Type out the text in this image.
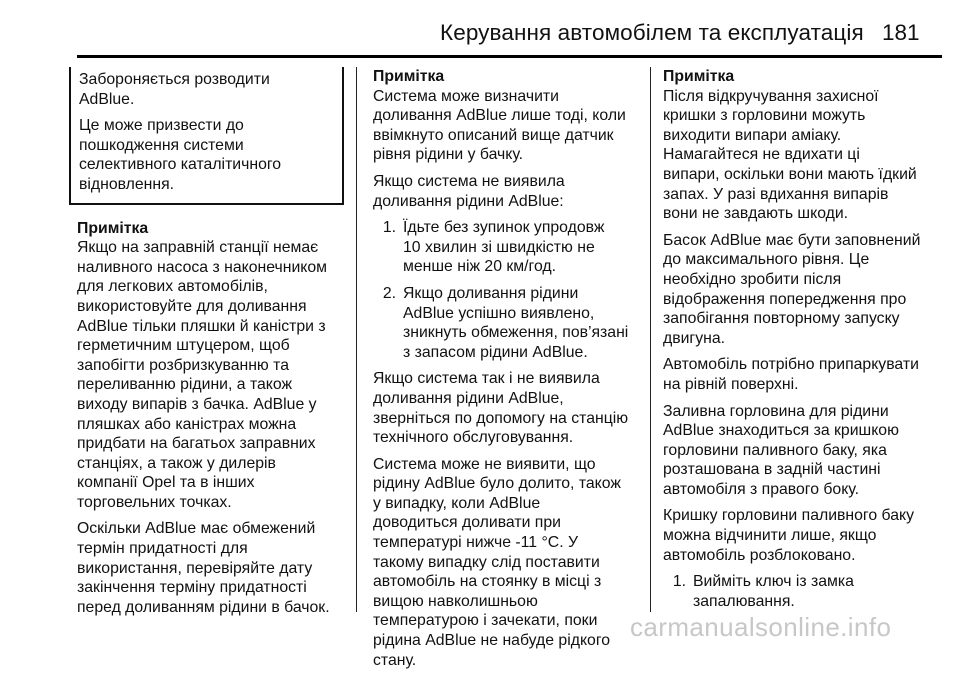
Керування автомобілем та експлуатація 181

Забороняється розводити
AdBlue.

Це може призвести до
пошкодження системи
селективного каталітичного
відновлення.

Примітка

Якщо на заправній станції немає
наливного насоса з наконечником
для легкових автомобілів,
використовуйте для доливання
AdBlue тільки пляшки й каністри з
герметичним штуцером, щоб
запобігти розбризкуванню та
переливанню рідини, а також
виходу випарів з бачка. AdBlue у
пляшках або каністрах можна
придбати на багатьох заправних
станціях, а також у дилерів
компанії Opel та в інших
торговельних точках.

Оскільки AdBlue має обмежений
термін придатності для
використання, перевіряйте дату
закінчення терміну придатності
перед доливанням рідини в бачок.

Примітка

Система може визначити
доливання AdBlue лише тоді, коли
ввімкнуто описаний вище датчик
рівня рідини у бачку.

Якщо система не виявила
доливання рідини AdBlue:

1. Їдьте без зупинок упродовж
10 хвилин зі швидкістю не
менше ніж 20 км/год.
2. Якщо доливання рідини
AdBlue успішно виявлено,
зникнуть обмеження, пов’язані
з запасом рідини AdBlue.

Якщо система так і не виявила
доливання рідини AdBlue,
зверніться по допомогу на станцію
технічного обслуговування.

Система може не виявити, що
рідину AdBlue було долито, також
у випадку, коли AdBlue
доводиться доливати при
температурі нижче -11 °C. У
такому випадку слід поставити
автомобіль на стоянку в місці з
вищою навколишньою
температурою і зачекати, поки
рідина AdBlue не набуде рідкого
стану.

Примітка

Після відкручування захисної
кришки з горловини можуть
виходити випари аміаку.
Намагайтеся не вдихати ці
випари, оскільки вони мають їдкий
запах. У разі вдихання випарів
вони не завдають шкоди.

Басок AdBlue має бути заповнений
до максимального рівня. Це
необхідно зробити після
відображення попередження про
запобігання повторному запуску
двигуна.

Автомобіль потрібно припаркувати
на рівній поверхні.

Заливна горловина для рідини
AdBlue знаходиться за кришкою
горловини паливного баку, яка
розташована в задній частині
автомобіля з правого боку.

Кришку горловини паливного баку
можна відчинити лише, якщо
автомобіль розблоковано.

1. Вийміть ключ із замка
запалювання.
carmanualsonline.info
